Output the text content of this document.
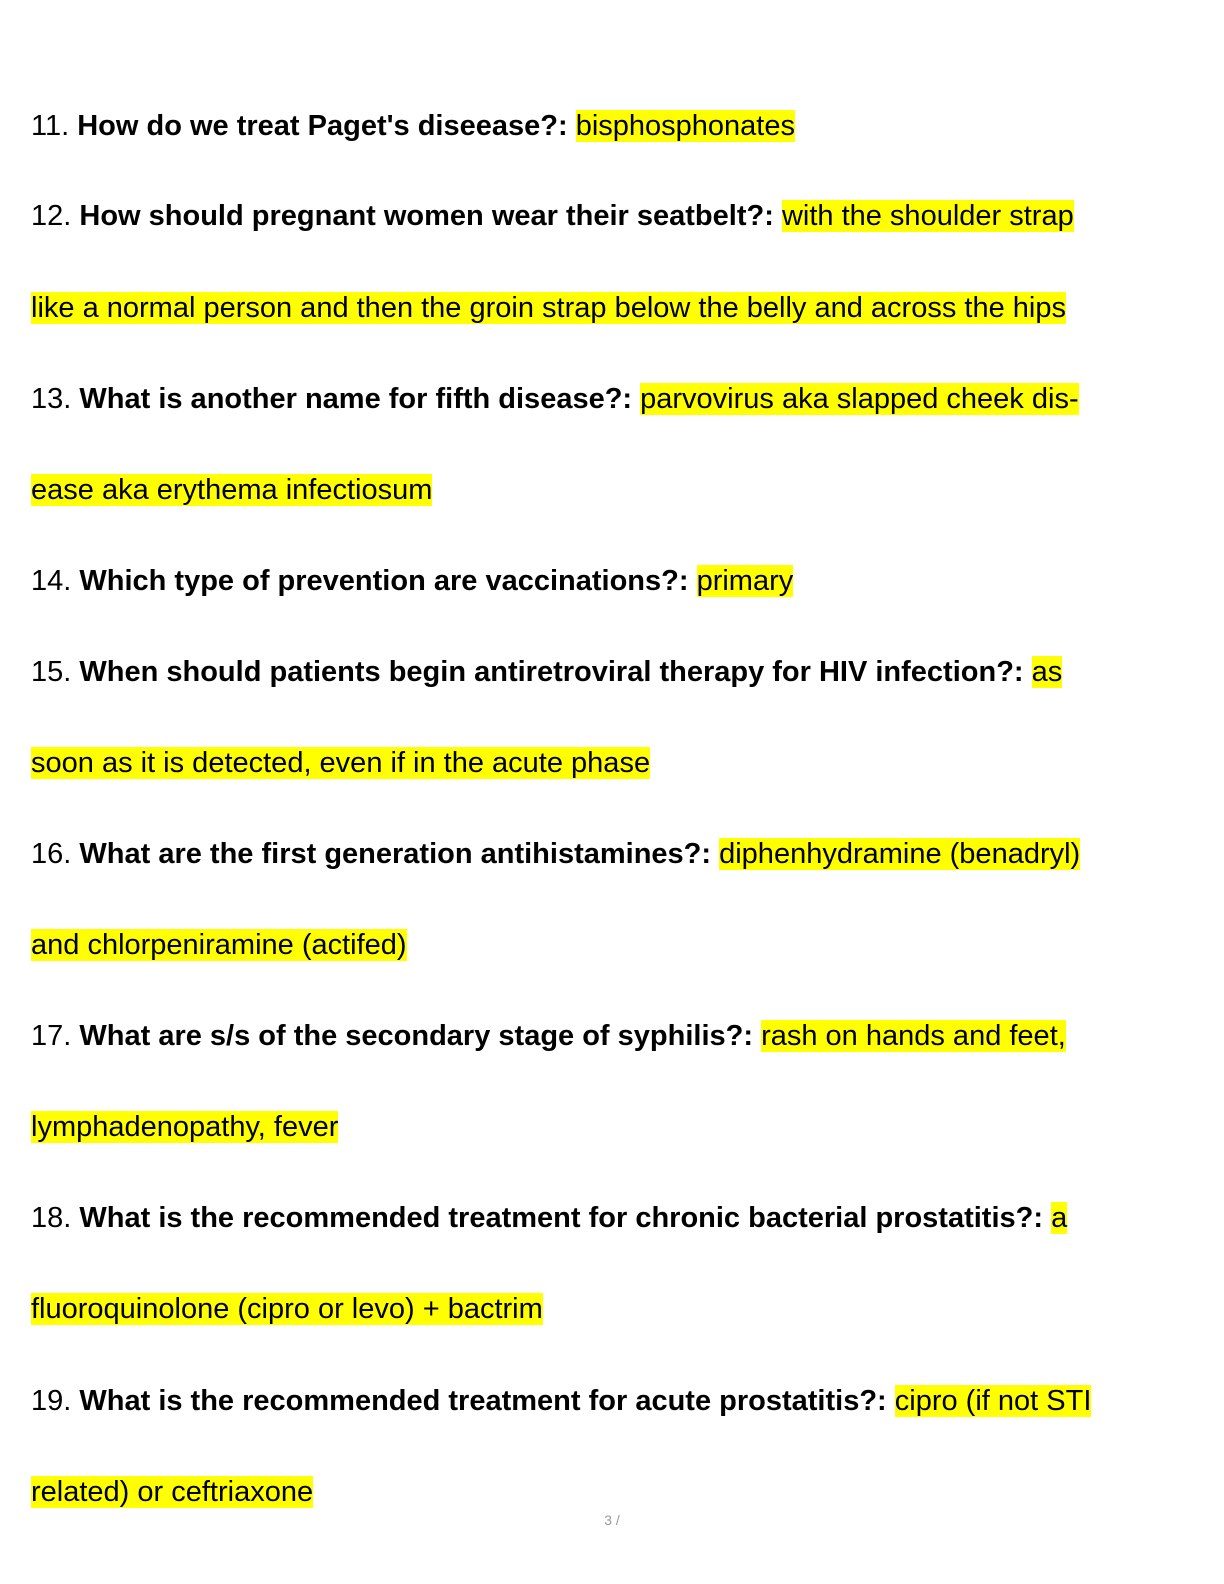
11. How do we treat Paget's diseease?: bisphosphonates
12. How should pregnant women wear their seatbelt?: with the shoulder strap
like a normal person and then the groin strap below the belly and across the hips
13. What is another name for fifth disease?: parvovirus aka slapped cheek dis-
ease aka erythema infectiosum
14. Which type of prevention are vaccinations?: primary
15. When should patients begin antiretroviral therapy for HIV infection?: as
soon as it is detected, even if in the acute phase
16. What are the first generation antihistamines?: diphenhydramine (benadryl)
and chlorpeniramine (actifed)
17. What are s/s of the secondary stage of syphilis?: rash on hands and feet,
lymphadenopathy, fever
18. What is the recommended treatment for chronic bacterial prostatitis?: a
fluoroquinolone (cipro or levo) + bactrim
19. What is the recommended treatment for acute prostatitis?: cipro (if not STI
related) or ceftriaxone
3 /
